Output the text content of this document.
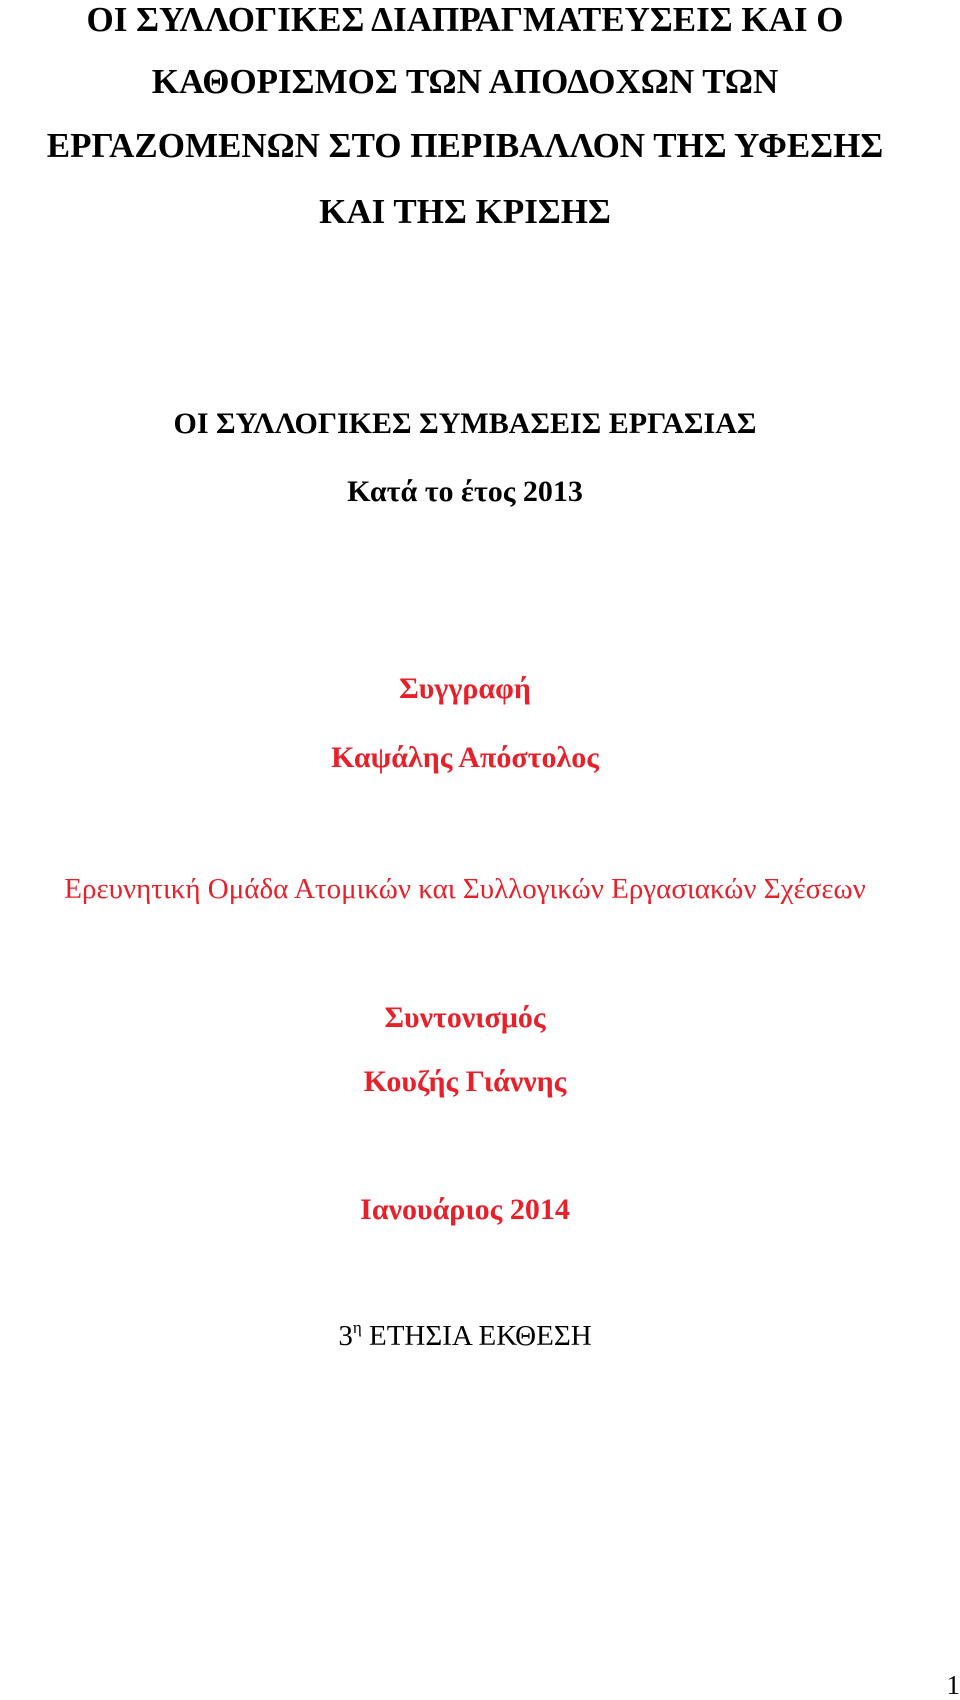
ΟΙ ΣΥΛΛΟΓΙΚΕΣ ΔΙΑΠΡΑΓΜΑΤΕΥΣΕΙΣ ΚΑΙ Ο
ΚΑΘΟΡΙΣΜΟΣ ΤΩΝ ΑΠΟΔΟΧΩΝ ΤΩΝ
ΕΡΓΑΖΟΜΕΝΩΝ ΣΤΟ ΠΕΡΙΒΑΛΛΟΝ ΤΗΣ ΥΦΕΣΗΣ
ΚΑΙ ΤΗΣ ΚΡΙΣΗΣ
ΟΙ ΣΥΛΛΟΓΙΚΕΣ ΣΥΜΒΑΣΕΙΣ ΕΡΓΑΣΙΑΣ
Κατά το έτος 2013
Συγγραφή
Καψάλης Απόστολος
Ερευνητική Ομάδα Ατομικών και Συλλογικών Εργασιακών Σχέσεων
Συντονισμός
Κουζής Γιάννης
Ιανουάριος 2014
$3^\eta$ ΕΤΗΣΙΑ ΕΚΘΕΣΗ
1
